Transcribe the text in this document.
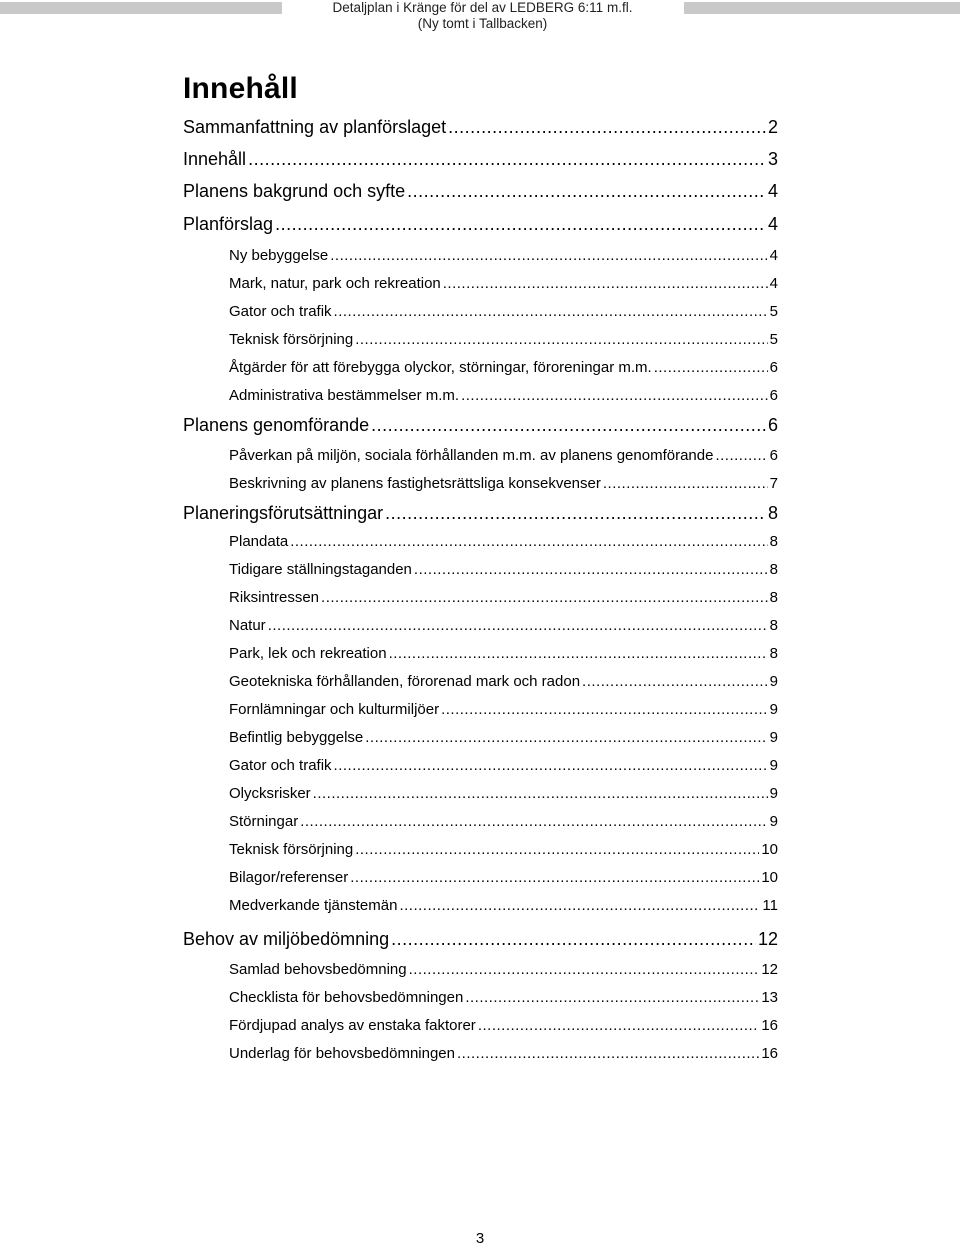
Detaljplan i Kränge för del av LEDBERG 6:11 m.fl.
(Ny tomt i Tallbacken)
Innehåll
Sammanfattning av planförslaget .....	2
Innehåll .....	3
Planens bakgrund och syfte .....	4
Planförslag .....	4
Ny bebyggelse .....	4
Mark, natur, park och rekreation .....	4
Gator och trafik .....	5
Teknisk försörjning .....	5
Åtgärder för att förebygga olyckor, störningar, föroreningar m.m. .....	6
Administrativa bestämmelser m.m. .....	6
Planens genomförande .....	6
Påverkan på miljön, sociala förhållanden m.m. av planens genomförande .....	6
Beskrivning av planens fastighetsrättsliga konsekvenser .....	7
Planeringsförutsättningar .....	8
Plandata .....	8
Tidigare ställningstaganden .....	8
Riksintressen .....	8
Natur .....	8
Park, lek och rekreation .....	8
Geotekniska förhållanden, förorenad mark och radon .....	9
Fornlämningar och kulturmiljöer .....	9
Befintlig bebyggelse .....	9
Gator och trafik .....	9
Olycksrisker .....	9
Störningar .....	9
Teknisk försörjning .....	10
Bilagor/referenser .....	10
Medverkande tjänstemän .....	11
Behov av miljöbedömning .....	12
Samlad behovsbedömning .....	12
Checklista för behovsbedömningen .....	13
Fördjupad analys av enstaka faktorer .....	16
Underlag för behovsbedömningen .....	16
3
